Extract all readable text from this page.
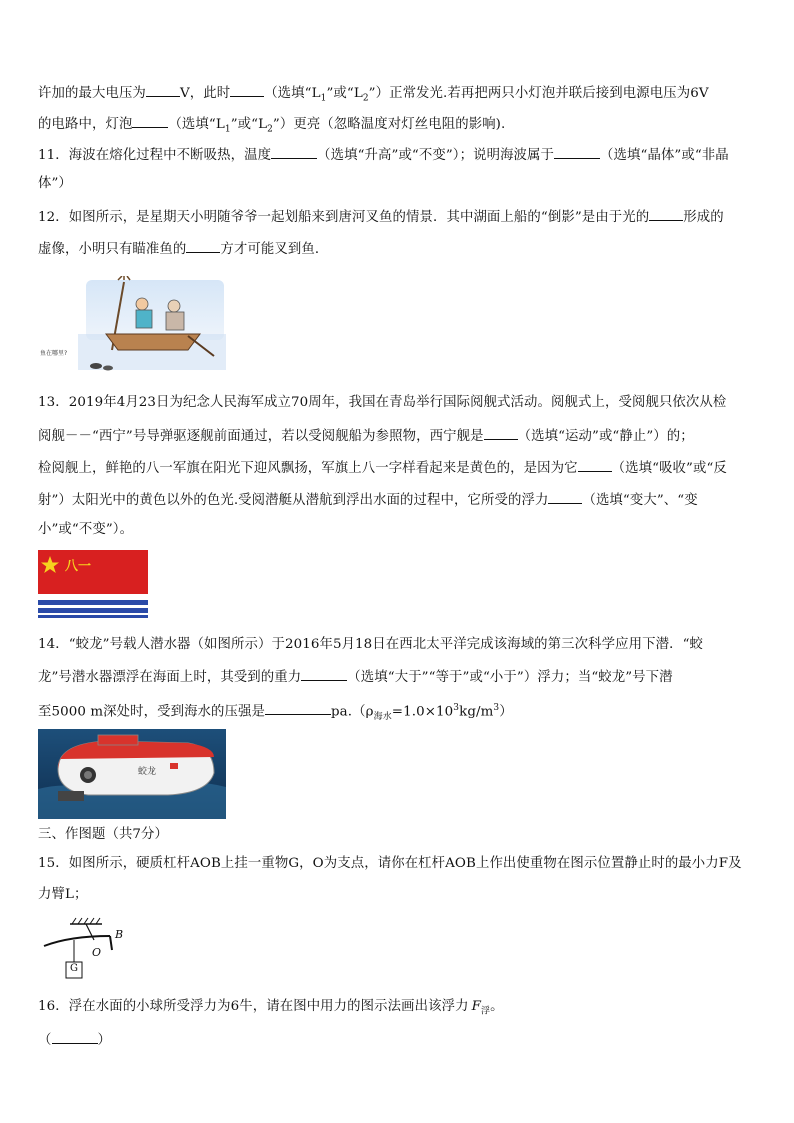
许加的最大电压为	V，此时	（选填“$L_1$”或“$L_2$”）正常发光.若再把两只小灯泡并联后接到电源电压为6V
的电路中，灯泡	（选填“$L_1$”或“$L_2$”）更亮（忽略温度对灯丝电阻的影响).
11．海波在熔化过程中不断吸热，温度	（选填“升高”或“不变”）；说明海波属于	（选填“晶体”或“非晶
体”）
12．如图所示，是星期天小明随爷爷一起划船来到唐河叉鱼的情景．其中湖面上船的“倒影”是由于光的	形成的
虚像，小明只有瞄准鱼的	方才可能叉到鱼．
鱼在哪里?
13．2019年4月23日为纪念人民海军成立70周年，我国在青岛举行国际阅舰式活动。阅舰式上，受阅舰只依次从检
阅舰－－“西宁”号导弹驱逐舰前面通过，若以受阅舰船为参照物，西宁舰是	（选填“运动”或“静止”）的；
检阅舰上，鲜艳的八一军旗在阳光下迎风飘扬，军旗上八一字样看起来是黄色的，是因为它	（选填“吸收”或“反
射”）太阳光中的黄色以外的色光.受阅潜艇从潜航到浮出水面的过程中，它所受的浮力	（选填“变大”、“变
小”或“不变”）。
八一
14．“蛟龙”号载人潜水器（如图所示）于2016年5月18日在西北太平洋完成该海域的第三次科学应用下潜．“蛟
龙”号潜水器漂浮在海面上时，其受到的重力	（选填“大于”“等于”或“小于”）浮力；当“蛟龙”号下潜
至5000 m深处时，受到海水的压强是	$pa.(\rho_{海水}=1.0\times 10^3kg/m^3)$
蛟龙
三、作图题（共7分）
15．如图所示，硬质杠杆AOB上挂一重物G，O为支点，请你在杠杆AOB上作出使重物在图示位置静止时的最小力F及
力臂L；
B
O
G
16．浮在水面的小球所受浮力为6牛，请在图中用力的图示法画出该浮力 $F_浮$。
（	）
